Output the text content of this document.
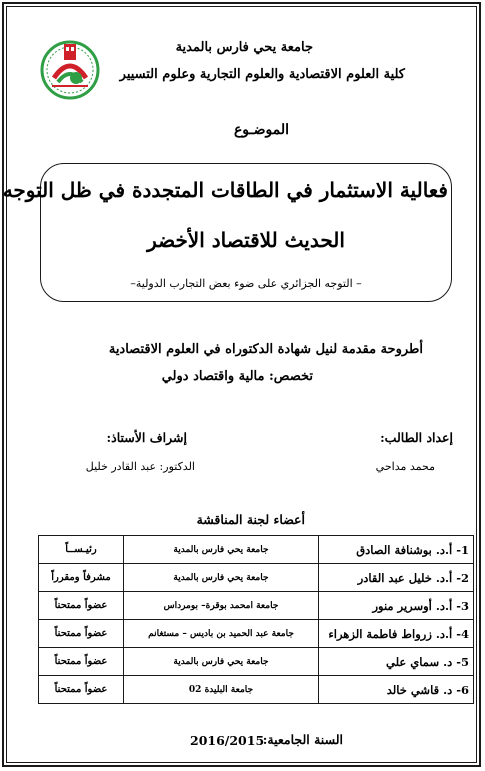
جامعة يحي فارس بالمدية
كلية العلوم الاقتصادية والعلوم التجارية وعلوم التسيير
الموضـوع
فعالية الاستثمار في الطاقات المتجددة في ظل التوجه
الحديث للاقتصاد الأخضر
– التوجه الجزائري على ضوء بعض التجارب الدولية–
أطروحة مقدمة لنيل شهادة الدكتوراه في العلوم الاقتصادية
تخصص: مالية واقتصاد دولي
إعداد الطالب:
إشراف الأستاذ:
محمد مداحي
الدكتور: عبد القادر خليل
أعضاء لجنة المناقشة
1- أ.د. بوشنافة الصادق	جامعة يحي فارس بالمدية	رئيـســاً
2- أ.د. خليل عبد القادر	جامعة يحي فارس بالمدية	مشرفاً ومقرراً
3- أ.د. أوسرير منور	جامعة امحمد بوقرة– بومرداس	عضواً ممتحناً
4- أ.د. زرواط فاطمة الزهراء	جامعة عبد الحميد بن باديس – مستغانم	عضواً ممتحناً
5- د. سماي علي	جامعة يحي فارس بالمدية	عضواً ممتحناً
6- د. قاشي خالد	جامعة البليدة 02	عضواً ممتحناً
السنة الجامعية:
2016/2015
